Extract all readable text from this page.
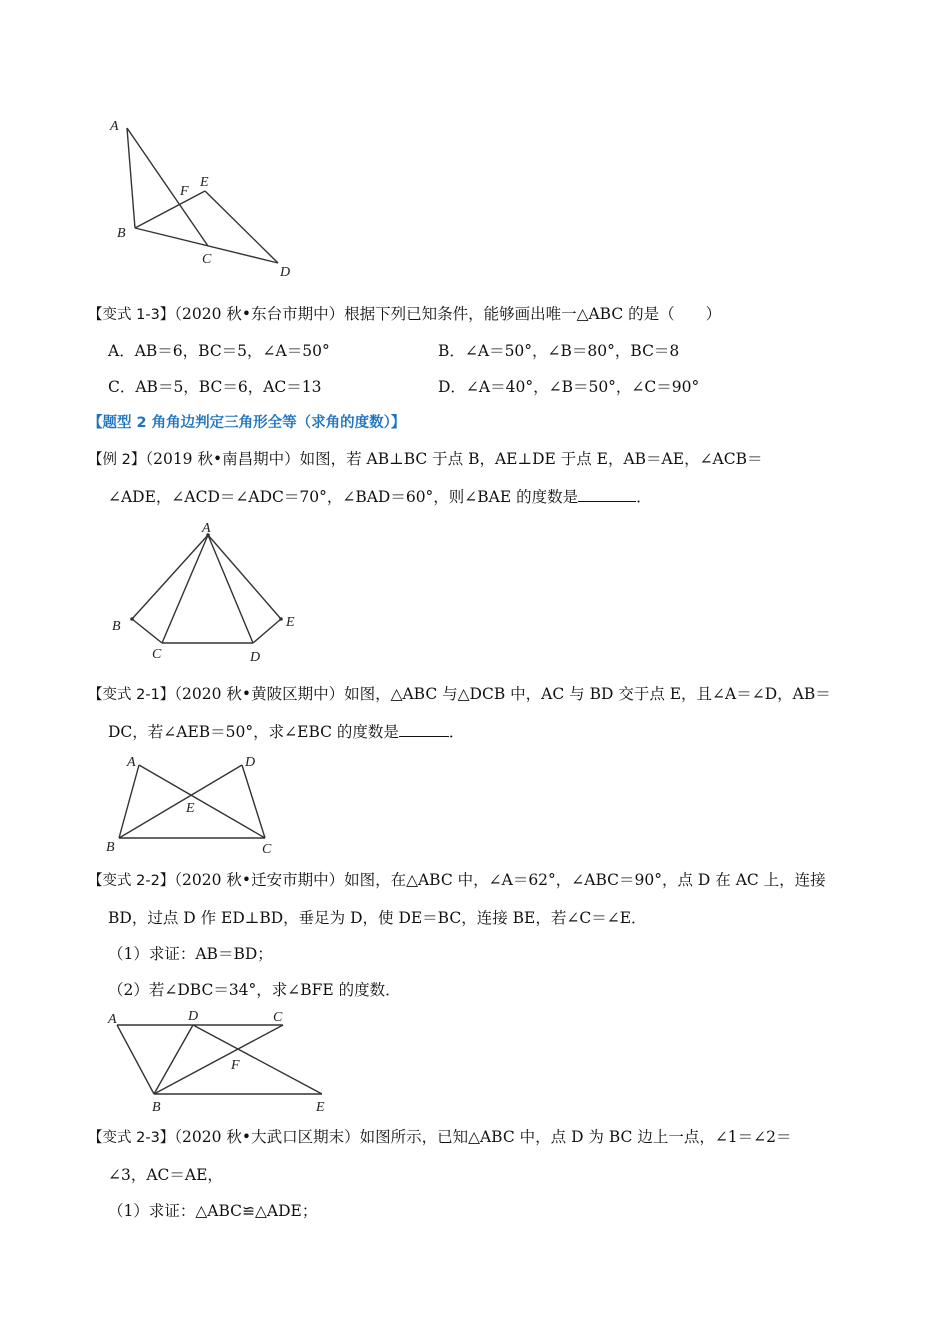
A
B
C
D
E
F
【变式 1-3】（2020 秋•东台市期中）根据下列已知条件，能够画出唯一△ABC 的是（　　）
A．AB＝6，BC＝5，∠A＝50°	B．∠A＝50°，∠B＝80°，BC＝8
C．AB＝5，BC＝6，AC＝13	D．∠A＝40°，∠B＝50°，∠C＝90°
【题型 2 角角边判定三角形全等（求角的度数）】
【例 2】（2019 秋•南昌期中）如图，若 AB⊥BC 于点 B，AE⊥DE 于点 E，AB＝AE，∠ACB＝
∠ADE，∠ACD＝∠ADC＝70°，∠BAD＝60°，则∠BAE 的度数是	．
A
B
C	D
E
【变式 2-1】（2020 秋•黄陂区期中）如图，△ABC 与△DCB 中，AC 与 BD 交于点 E，且∠A＝∠D，AB＝
DC，若∠AEB＝50°，求∠EBC 的度数是	．
A
B	C
D
E
【变式 2-2】（2020 秋•迁安市期中）如图，在△ABC 中，∠A＝62°，∠ABC＝90°，点 D 在 AC 上，连接
BD，过点 D 作 ED⊥BD，垂足为 D，使 DE＝BC，连接 BE，若∠C＝∠E．
（1）求证：AB＝BD；
（2）若∠DBC＝34°，求∠BFE 的度数．
A
B
C
D
E
F
【变式 2-3】（2020 秋•大武口区期末）如图所示，已知△ABC 中，点 D 为 BC 边上一点，∠1＝∠2＝
∠3，AC＝AE，
（1）求证：△ABC≌△ADE；
